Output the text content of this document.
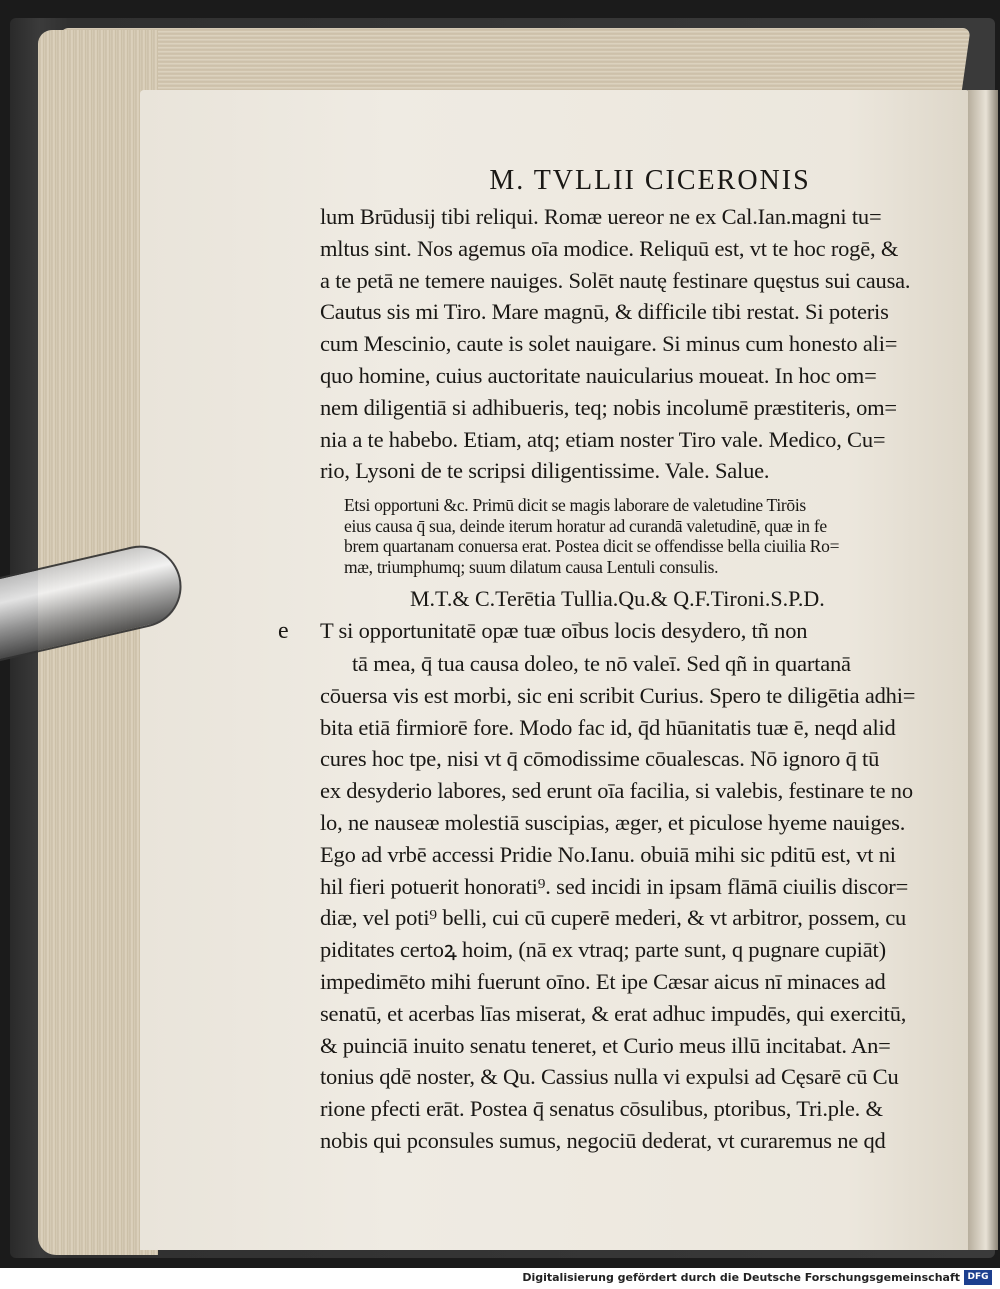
M. TVLLII CICERONIS
lum Brūdusij tibi reliqui. Romæ uereor ne ex Cal.Ian.magni tu=
mltus sint. Nos agemus oīa modice. Reliquū est, vt te hoc rogē, &
a te petā ne temere nauiges. Solēt nautę festinare quęstus sui causa.
Cautus sis mi Tiro. Mare magnū, & difficile tibi restat. Si poteris
cum Mescinio, caute is solet nauigare. Si minus cum honesto ali=
quo homine, cuius auctoritate nauicularius moueat. In hoc om=
nem diligentiā si adhibueris, teq; nobis incolumē præstiteris, om=
nia a te habebo. Etiam, atq; etiam noster Tiro vale. Medico, Cu=
rio, Lysoni de te scripsi diligentissime. Vale. Salue.
Etsi opportuni &c. Primū dicit se magis laborare de valetudine Tirōis
eius causa q̄ sua, deinde iterum horatur ad curandā valetudinē, quæ in fe
brem quartanam conuersa erat. Postea dicit se offendisse bella ciuilia Ro=
mæ, triumphumq; suum dilatum causa Lentuli consulis.
M.T.& C.Terētia Tullia.Qu.& Q.F.Tironi.S.P.D.
e T si opportunitatē opæ tuæ oībus locis desydero, tñ non
tā mea, q̄ tua causa doleo, te nō valeī. Sed qñ in quartanā
cōuersa vis est morbi, sic eni scribit Curius. Spero te diligētia adhi=
bita etiā firmiorē fore. Modo fac id, q̄d hūanitatis tuæ ē, neqd alid
cures hoc tpe, nisi vt q̄ cōmodissime cōualescas. Nō ignoro q̄ tū
ex desyderio labores, sed erunt oīa facilia, si valebis, festinare te no
lo, ne nauseæ molestiā suscipias, æger, et piculose hyeme nauiges.
Ego ad vrbē accessi Pridie No.Ianu. obuiā mihi sic pditū est, vt ni
hil fieri potuerit honorati⁹. sed incidi in ipsam flāmā ciuilis discor=
diæ, vel poti⁹ belli, cui cū cuperē mederi, & vt arbitror, possem, cu
piditates certoꝝ hoim, (nā ex vtraq; parte sunt, q pugnare cupiāt)
impedimēto mihi fuerunt oīno. Et ipe Cæsar aicus nī minaces ad
senatū, et acerbas līas miserat, & erat adhuc impudēs, qui exercitū,
& puinciā inuito senatu teneret, et Curio meus illū incitabat. An=
tonius qdē noster, & Qu. Cassius nulla vi expulsi ad Cęsarē cū Cu
rione pfecti erāt. Postea q̄ senatus cōsulibus, ptoribus, Tri.ple. &
nobis qui pconsules sumus, negociū dederat, vt curaremus ne qd
Digitalisierung gefördert durch die Deutsche Forschungsgemeinschaft DFG
